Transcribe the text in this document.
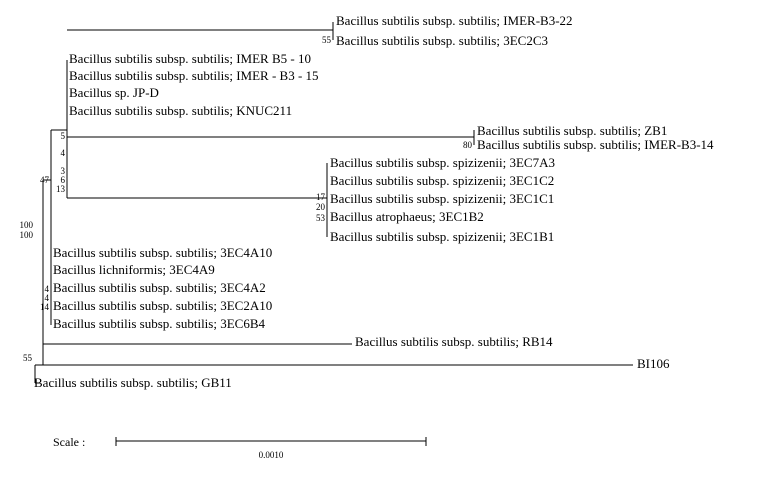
Bacillus subtilis subsp. subtilis; IMER-B3-22
Bacillus subtilis subsp. subtilis; 3EC2C3
Bacillus subtilis subsp. subtilis; IMER B5 - 10
Bacillus subtilis subsp. subtilis; IMER - B3 - 15
Bacillus sp. JP-D
Bacillus subtilis subsp. subtilis; KNUC211
Bacillus subtilis subsp. subtilis; ZB1
Bacillus subtilis subsp. subtilis; IMER-B3-14
Bacillus subtilis subsp. spizizenii; 3EC7A3
Bacillus subtilis subsp. spizizenii; 3EC1C2
Bacillus subtilis subsp. spizizenii; 3EC1C1
Bacillus atrophaeus; 3EC1B2
Bacillus subtilis subsp. spizizenii; 3EC1B1
Bacillus subtilis subsp. subtilis; 3EC4A10
Bacillus lichniformis; 3EC4A9
Bacillus subtilis subsp. subtilis; 3EC4A2
Bacillus subtilis subsp. subtilis; 3EC2A10
Bacillus subtilis subsp. subtilis; 3EC6B4
Bacillus subtilis subsp. subtilis; RB14
BI106
Bacillus subtilis subsp. subtilis; GB11
55
80
17
20
53
5
4
3
6
13
47
100
100
4
4
14
55
Scale :
0.0010
